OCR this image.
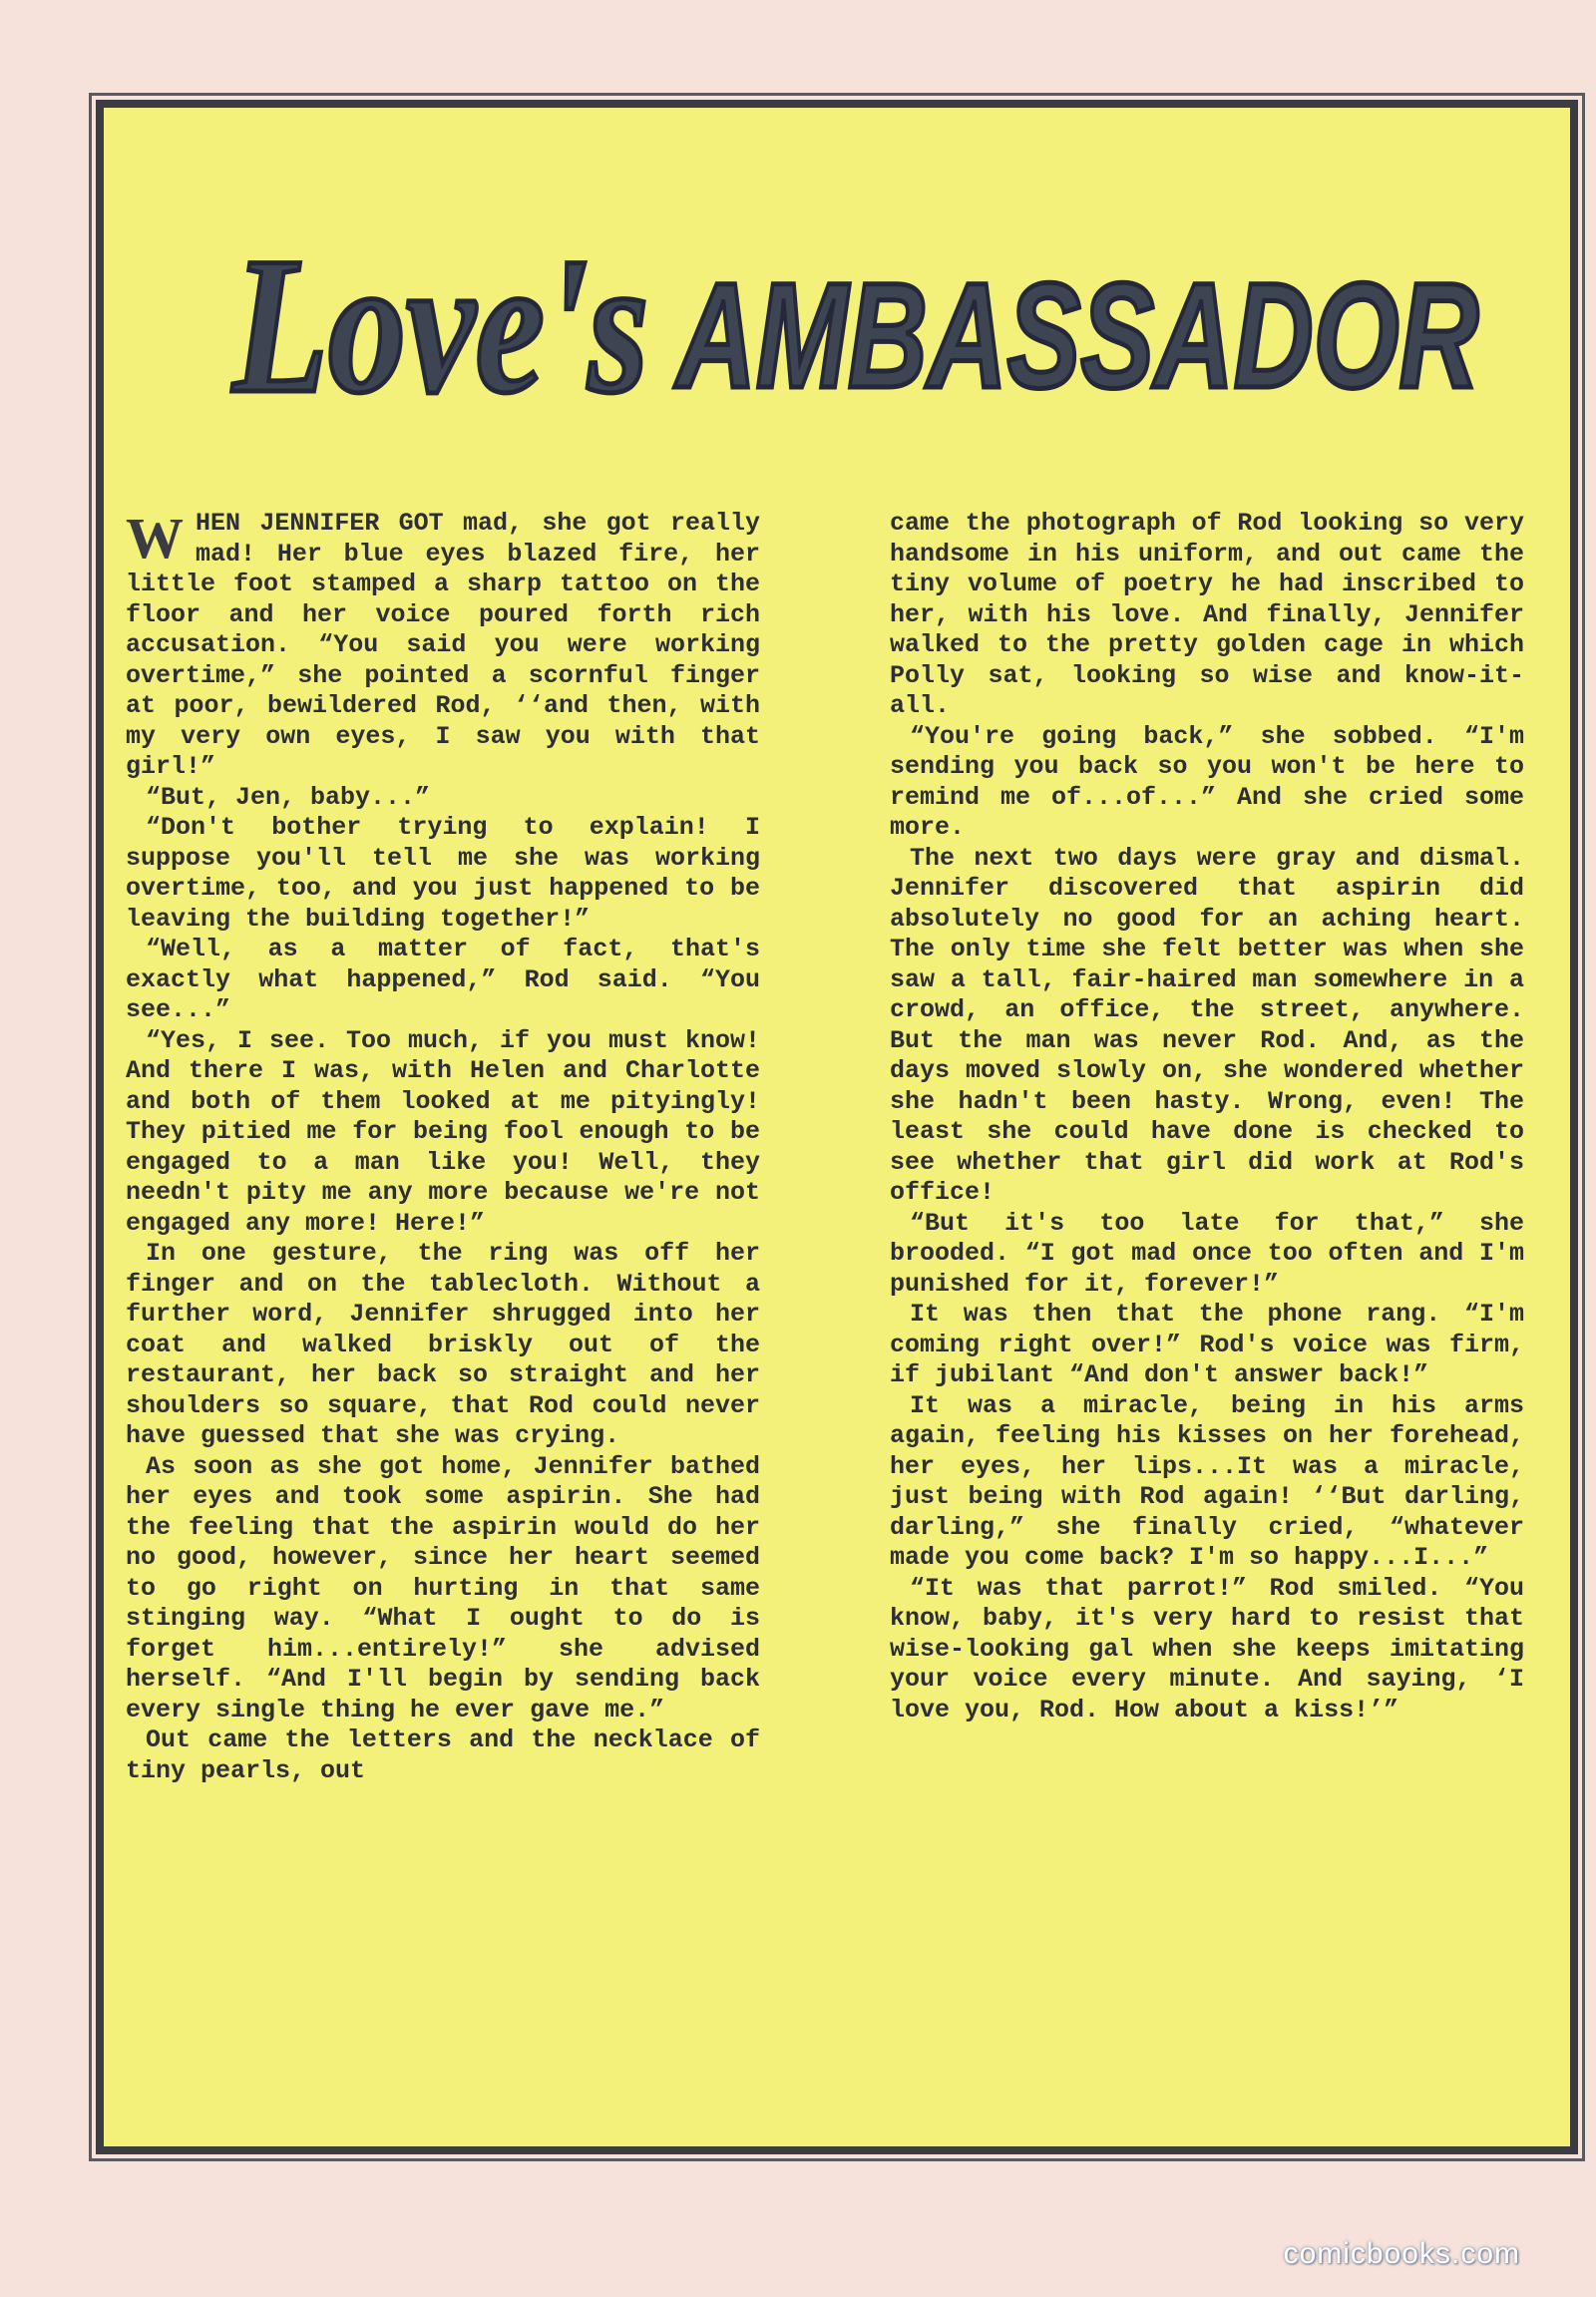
Love's AMBASSADOR

WHEN JENNIFER GOT mad, she got really mad! Her blue eyes blazed fire, her little foot stamped a sharp tattoo on the floor and her voice poured forth rich accusation. “You said you were working overtime,” she pointed a scornful finger at poor, bewildered Rod, ‘‘and then, with my very own eyes, I saw you with that girl!”

“But, Jen, baby...”

“Don't bother trying to explain! I suppose you'll tell me she was working overtime, too, and you just happened to be leaving the building together!”

“Well, as a matter of fact, that's exactly what happened,” Rod said. “You see...”

“Yes, I see. Too much, if you must know! And there I was, with Helen and Charlotte and both of them looked at me pityingly! They pitied me for being fool enough to be engaged to a man like you! Well, they needn't pity me any more because we're not engaged any more! Here!”

In one gesture, the ring was off her finger and on the tablecloth. Without a further word, Jennifer shrugged into her coat and walked briskly out of the restaurant, her back so straight and her shoulders so square, that Rod could never have guessed that she was crying.

As soon as she got home, Jennifer bathed her eyes and took some aspirin. She had the feeling that the aspirin would do her no good, however, since her heart seemed to go right on hurting in that same stinging way. “What I ought to do is forget him...entirely!” she advised herself. “And I'll begin by sending back every single thing he ever gave me.”

Out came the letters and the necklace of tiny pearls, out

came the photograph of Rod looking so very handsome in his uniform, and out came the tiny volume of poetry he had inscribed to her, with his love. And finally, Jennifer walked to the pretty golden cage in which Polly sat, looking so wise and know-it-all.

“You're going back,” she sobbed. “I'm sending you back so you won't be here to remind me of...of...” And she cried some more.

The next two days were gray and dismal. Jennifer discovered that aspirin did absolutely no good for an aching heart. The only time she felt better was when she saw a tall, fair-haired man somewhere in a crowd, an office, the street, anywhere. But the man was never Rod. And, as the days moved slowly on, she wondered whether she hadn't been hasty. Wrong, even! The least she could have done is checked to see whether that girl did work at Rod's office!

“But it's too late for that,” she brooded. “I got mad once too often and I'm punished for it, forever!”

It was then that the phone rang. “I'm coming right over!” Rod's voice was firm, if jubilant “And don't answer back!”

It was a miracle, being in his arms again, feeling his kisses on her forehead, her eyes, her lips...It was a miracle, just being with Rod again! ‘‘But darling, darling,” she finally cried, “whatever made you come back? I'm so happy...I...”

“It was that parrot!” Rod smiled. “You know, baby, it's very hard to resist that wise-looking gal when she keeps imitating your voice every minute. And saying, ‘I love you, Rod. How about a kiss!’”

comicbooks.com
